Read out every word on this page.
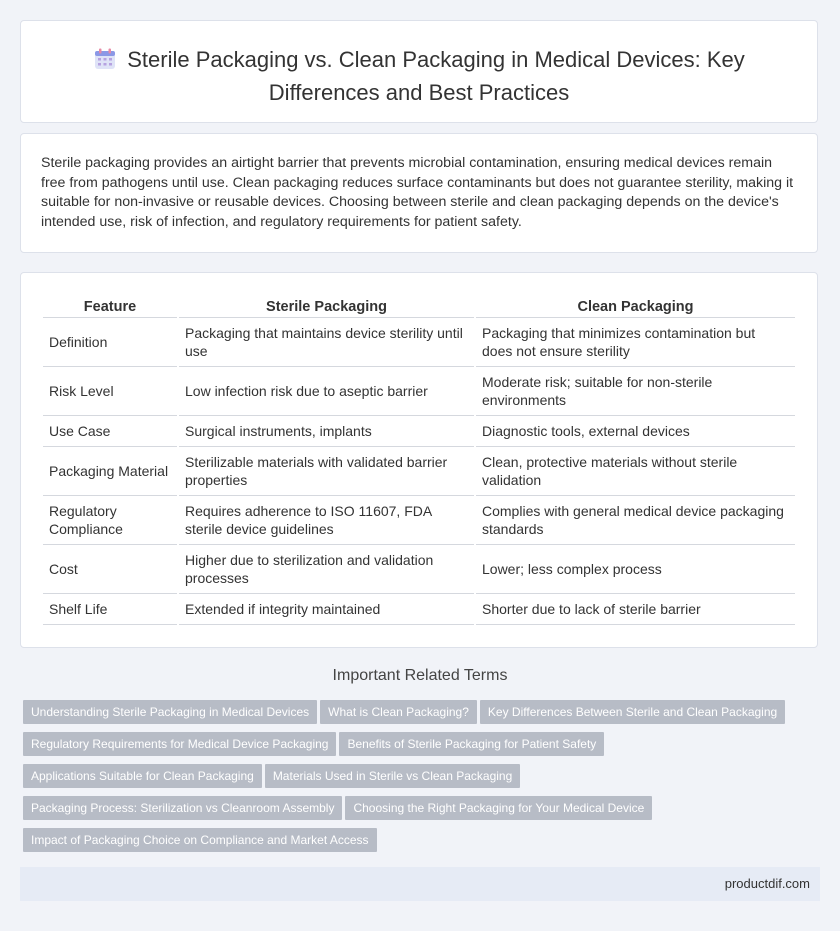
Sterile Packaging vs. Clean Packaging in Medical Devices: Key Differences and Best Practices

Sterile packaging provides an airtight barrier that prevents microbial contamination, ensuring medical devices remain free from pathogens until use. Clean packaging reduces surface contaminants but does not guarantee sterility, making it suitable for non-invasive or reusable devices. Choosing between sterile and clean packaging depends on the device's intended use, risk of infection, and regulatory requirements for patient safety.

Feature	Sterile Packaging	Clean Packaging
Definition	Packaging that maintains device sterility until use	Packaging that minimizes contamination but does not ensure sterility
Risk Level	Low infection risk due to aseptic barrier	Moderate risk; suitable for non-sterile environments
Use Case	Surgical instruments, implants	Diagnostic tools, external devices
Packaging Material	Sterilizable materials with validated barrier properties	Clean, protective materials without sterile validation
Regulatory Compliance	Requires adherence to ISO 11607, FDA sterile device guidelines	Complies with general medical device packaging standards
Cost	Higher due to sterilization and validation processes	Lower; less complex process
Shelf Life	Extended if integrity maintained	Shorter due to lack of sterile barrier
Important Related Terms
Understanding Sterile Packaging in Medical Devices What is Clean Packaging? Key Differences Between Sterile and Clean Packaging
Regulatory Requirements for Medical Device Packaging Benefits of Sterile Packaging for Patient Safety
Applications Suitable for Clean Packaging Materials Used in Sterile vs Clean Packaging
Packaging Process: Sterilization vs Cleanroom Assembly Choosing the Right Packaging for Your Medical Device
Impact of Packaging Choice on Compliance and Market Access
productdif.com
